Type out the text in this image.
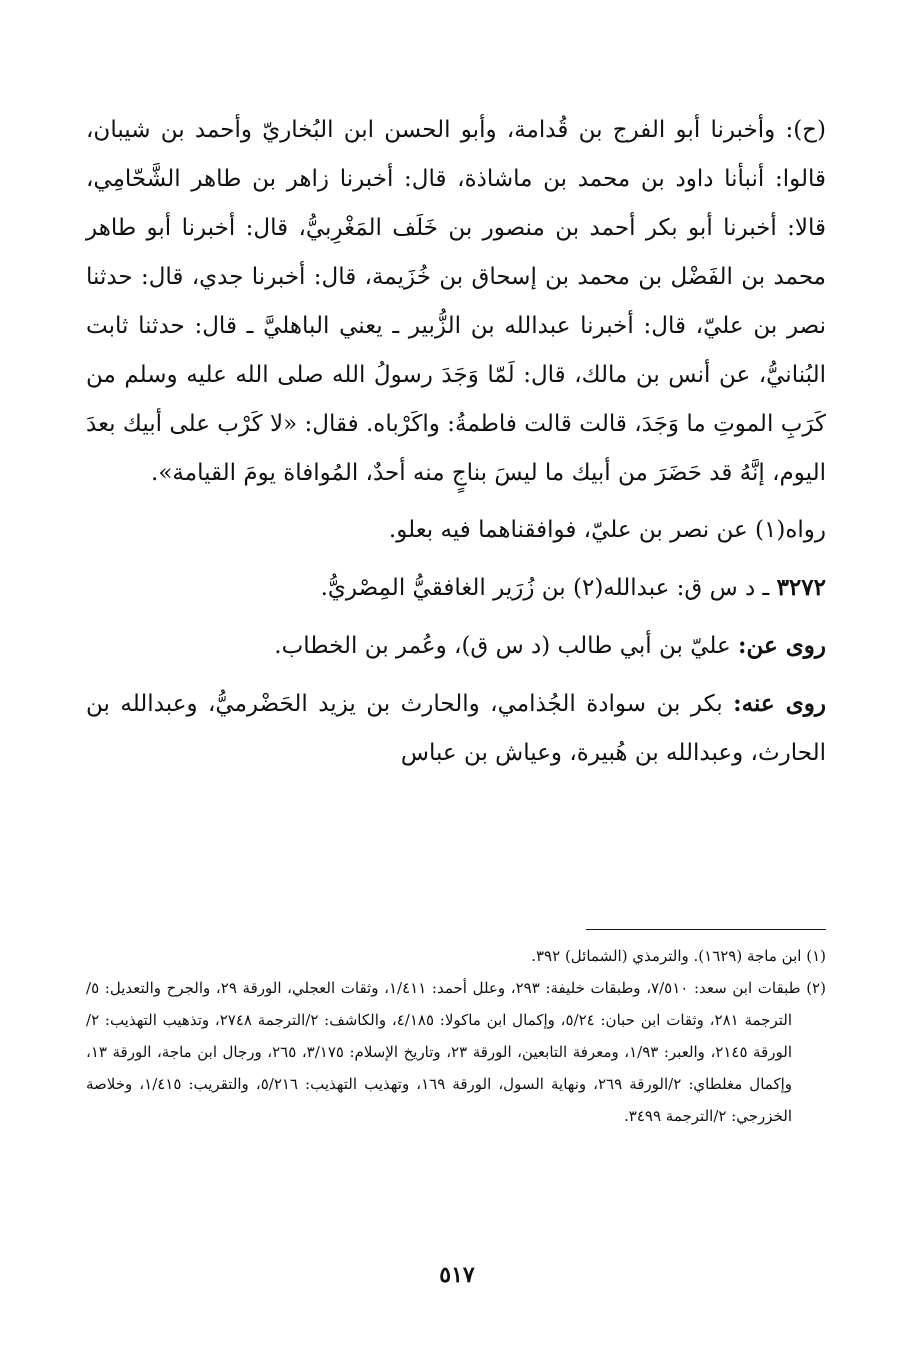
(ح): وأخبرنا أبو الفرج بن قُدامة، وأبو الحسن ابن البُخاريّ وأحمد بن شيبان، قالوا: أنبأنا داود بن محمد بن ماشاذة، قال: أخبرنا زاهر بن طاهر الشَّحّامِي، قالا: أخبرنا أبو بكر أحمد بن منصور بن خَلَف المَغْرِبيُّ، قال: أخبرنا أبو طاهر محمد بن الفَضْل بن محمد بن إسحاق بن خُزَيمة، قال: أخبرنا جدي، قال: حدثنا نصر بن عليّ، قال: أخبرنا عبدالله بن الزُّبير ـ يعني الباهليَّ ـ قال: حدثنا ثابت البُنانيُّ، عن أنس بن مالك، قال: لَمّا وَجَدَ رسولُ الله صلى الله عليه وسلم من كَرَبِ الموتِ ما وَجَدَ، قالت قالت فاطمةُ: واكَرْباه. فقال: «لا كَرْب على أبيك بعدَ اليوم، إنَّهُ قد حَضَرَ من أبيك ما ليسَ بناجٍ منه أحدٌ، المُوافاة يومَ القيامة».

رواه(١) عن نصر بن عليّ، فوافقناهما فيه بعلو.

٣٢٧٢ ـ د س ق: عبدالله(٢) بن زُرَير الغافقيُّ المِصْريُّ.

روى عن: عليّ بن أبي طالب (د س ق)، وعُمر بن الخطاب.

روى عنه: بكر بن سوادة الجُذامي، والحارث بن يزيد الحَضْرميُّ، وعبدالله بن الحارث، وعبدالله بن هُبيرة، وعياش بن عباس

(١) ابن ماجة (١٦٢٩). والترمذي (الشمائل) ٣٩٢.

(٢) طبقات ابن سعد: ٧/٥١٠، وطبقات خليفة: ٢٩٣، وعلل أحمد: ١/٤١١، وثقات العجلي، الورقة ٢٩، والجرح والتعديل: ٥/الترجمة ٢٨١، وثقات ابن حبان: ٥/٢٤، وإكمال ابن ماكولا: ٤/١٨٥، والكاشف: ٢/الترجمة ٢٧٤٨، وتذهيب التهذيب: ٢/الورقة ٢١٤٥، والعبر: ١/٩٣، ومعرفة التابعين، الورقة ٢٣، وتاريخ الإسلام: ٣/١٧٥، ٢٦٥، ورجال ابن ماجة، الورقة ١٣، وإكمال مغلطاي: ٢/الورقة ٢٦٩، ونهاية السول، الورقة ١٦٩، وتهذيب التهذيب: ٥/٢١٦، والتقريب: ١/٤١٥، وخلاصة الخزرجي: ٢/الترجمة ٣٤٩٩.

٥١٧
